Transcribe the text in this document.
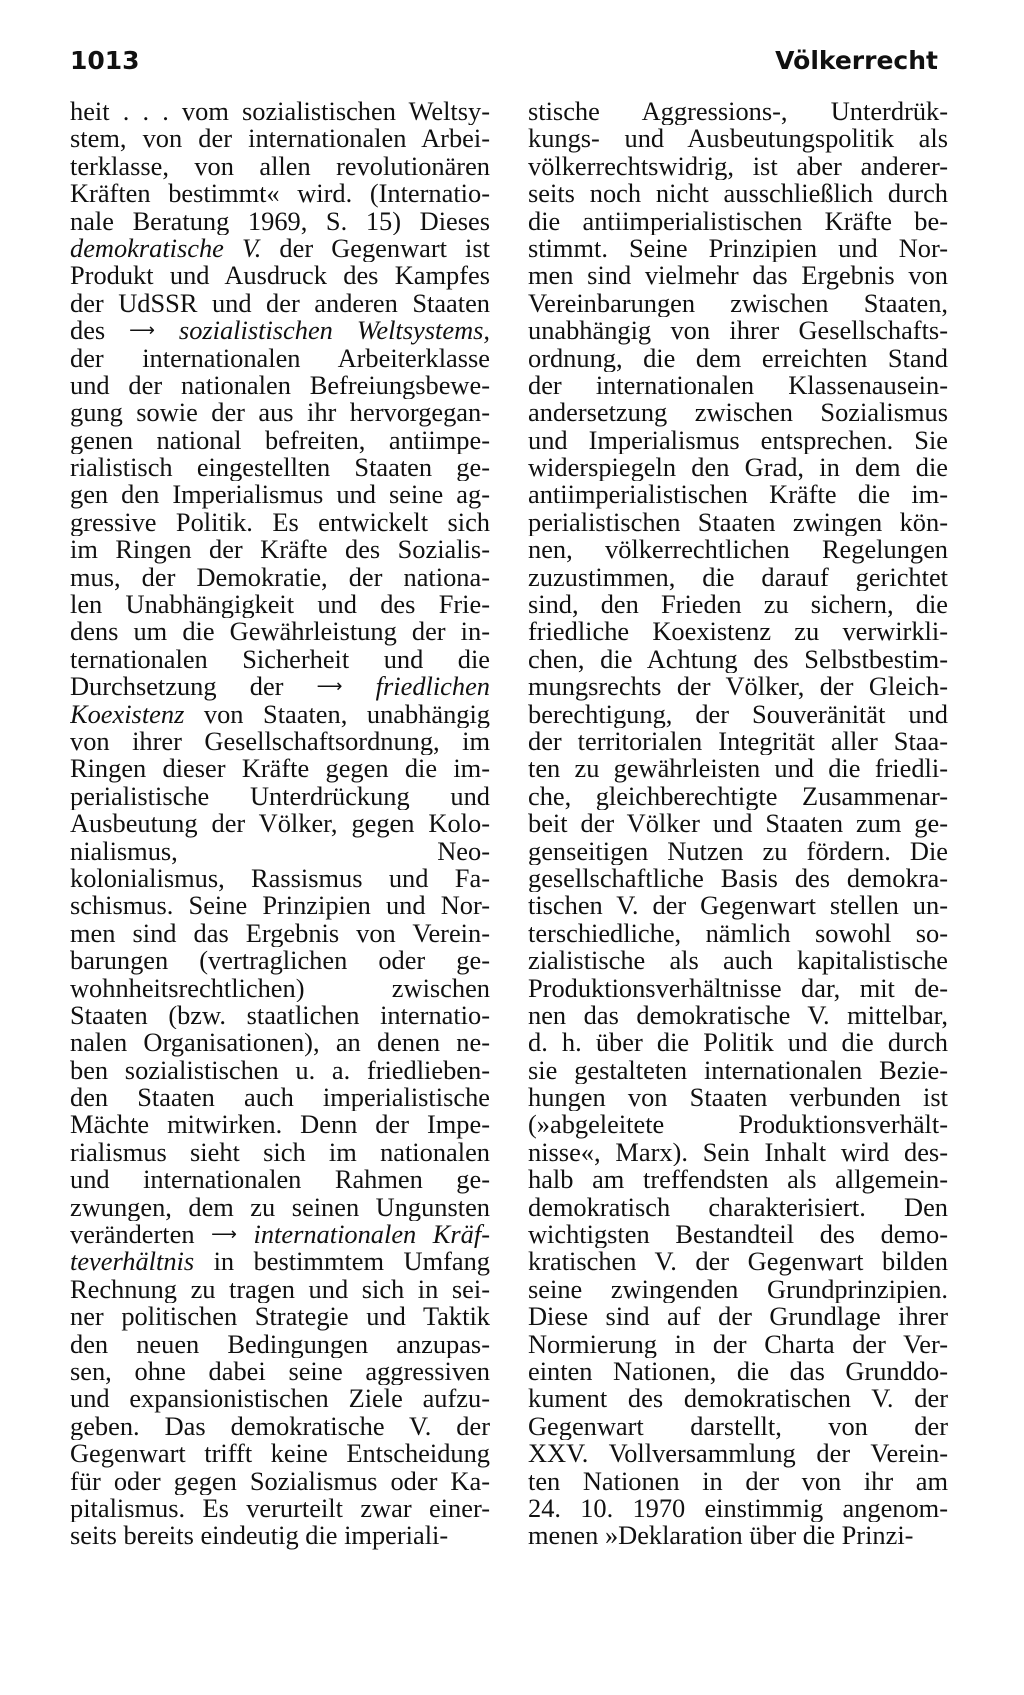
1013	Völkerrecht
heit . . . vom sozialistischen Weltsy-
stem, von der internationalen Arbei-
terklasse, von allen revolutionären
Kräften bestimmt« wird. (Internatio-
nale Beratung 1969, S. 15) Dieses
demokratische V. der Gegenwart ist
Produkt und Ausdruck des Kampfes
der UdSSR und der anderen Staaten
des ⟶ sozialistischen Weltsystems,
der internationalen Arbeiterklasse
und der nationalen Befreiungsbewe-
gung sowie der aus ihr hervorgegan-
genen national befreiten, antiimpe-
rialistisch eingestellten Staaten ge-
gen den Imperialismus und seine ag-
gressive Politik. Es entwickelt sich
im Ringen der Kräfte des Sozialis-
mus, der Demokratie, der nationa-
len Unabhängigkeit und des Frie-
dens um die Gewährleistung der in-
ternationalen Sicherheit und die
Durchsetzung der ⟶ friedlichen
Koexistenz von Staaten, unabhängig
von ihrer Gesellschaftsordnung, im
Ringen dieser Kräfte gegen die im-
perialistische Unterdrückung und
Ausbeutung der Völker, gegen Kolo-
nialismus, Neo-
kolonialismus, Rassismus und Fa-
schismus. Seine Prinzipien und Nor-
men sind das Ergebnis von Verein-
barungen (vertraglichen oder ge-
wohnheitsrechtlichen) zwischen
Staaten (bzw. staatlichen internatio-
nalen Organisationen), an denen ne-
ben sozialistischen u. a. friedlieben-
den Staaten auch imperialistische
Mächte mitwirken. Denn der Impe-
rialismus sieht sich im nationalen
und internationalen Rahmen ge-
zwungen, dem zu seinen Ungunsten
veränderten ⟶ internationalen Kräf-
teverhältnis in bestimmtem Umfang
Rechnung zu tragen und sich in sei-
ner politischen Strategie und Taktik
den neuen Bedingungen anzupas-
sen, ohne dabei seine aggressiven
und expansionistischen Ziele aufzu-
geben. Das demokratische V. der
Gegenwart trifft keine Entscheidung
für oder gegen Sozialismus oder Ka-
pitalismus. Es verurteilt zwar einer-
seits bereits eindeutig die imperiali-
stische Aggressions-, Unterdrük-
kungs- und Ausbeutungspolitik als
völkerrechtswidrig, ist aber anderer-
seits noch nicht ausschließlich durch
die antiimperialistischen Kräfte be-
stimmt. Seine Prinzipien und Nor-
men sind vielmehr das Ergebnis von
Vereinbarungen zwischen Staaten,
unabhängig von ihrer Gesellschafts-
ordnung, die dem erreichten Stand
der internationalen Klassenausein-
andersetzung zwischen Sozialismus
und Imperialismus entsprechen. Sie
widerspiegeln den Grad, in dem die
antiimperialistischen Kräfte die im-
perialistischen Staaten zwingen kön-
nen, völkerrechtlichen Regelungen
zuzustimmen, die darauf gerichtet
sind, den Frieden zu sichern, die
friedliche Koexistenz zu verwirkli-
chen, die Achtung des Selbstbestim-
mungsrechts der Völker, der Gleich-
berechtigung, der Souveränität und
der territorialen Integrität aller Staa-
ten zu gewährleisten und die friedli-
che, gleichberechtigte Zusammenar-
beit der Völker und Staaten zum ge-
genseitigen Nutzen zu fördern. Die
gesellschaftliche Basis des demokra-
tischen V. der Gegenwart stellen un-
terschiedliche, nämlich sowohl so-
zialistische als auch kapitalistische
Produktionsverhältnisse dar, mit de-
nen das demokratische V. mittelbar,
d. h. über die Politik und die durch
sie gestalteten internationalen Bezie-
hungen von Staaten verbunden ist
(»abgeleitete Produktionsverhält-
nisse«, Marx). Sein Inhalt wird des-
halb am treffendsten als allgemein-
demokratisch charakterisiert. Den
wichtigsten Bestandteil des demo-
kratischen V. der Gegenwart bilden
seine zwingenden Grundprinzipien.
Diese sind auf der Grundlage ihrer
Normierung in der Charta der Ver-
einten Nationen, die das Grunddo-
kument des demokratischen V. der
Gegenwart darstellt, von der
XXV. Vollversammlung der Verein-
ten Nationen in der von ihr am
24. 10. 1970 einstimmig angenom-
menen »Deklaration über die Prinzi-
